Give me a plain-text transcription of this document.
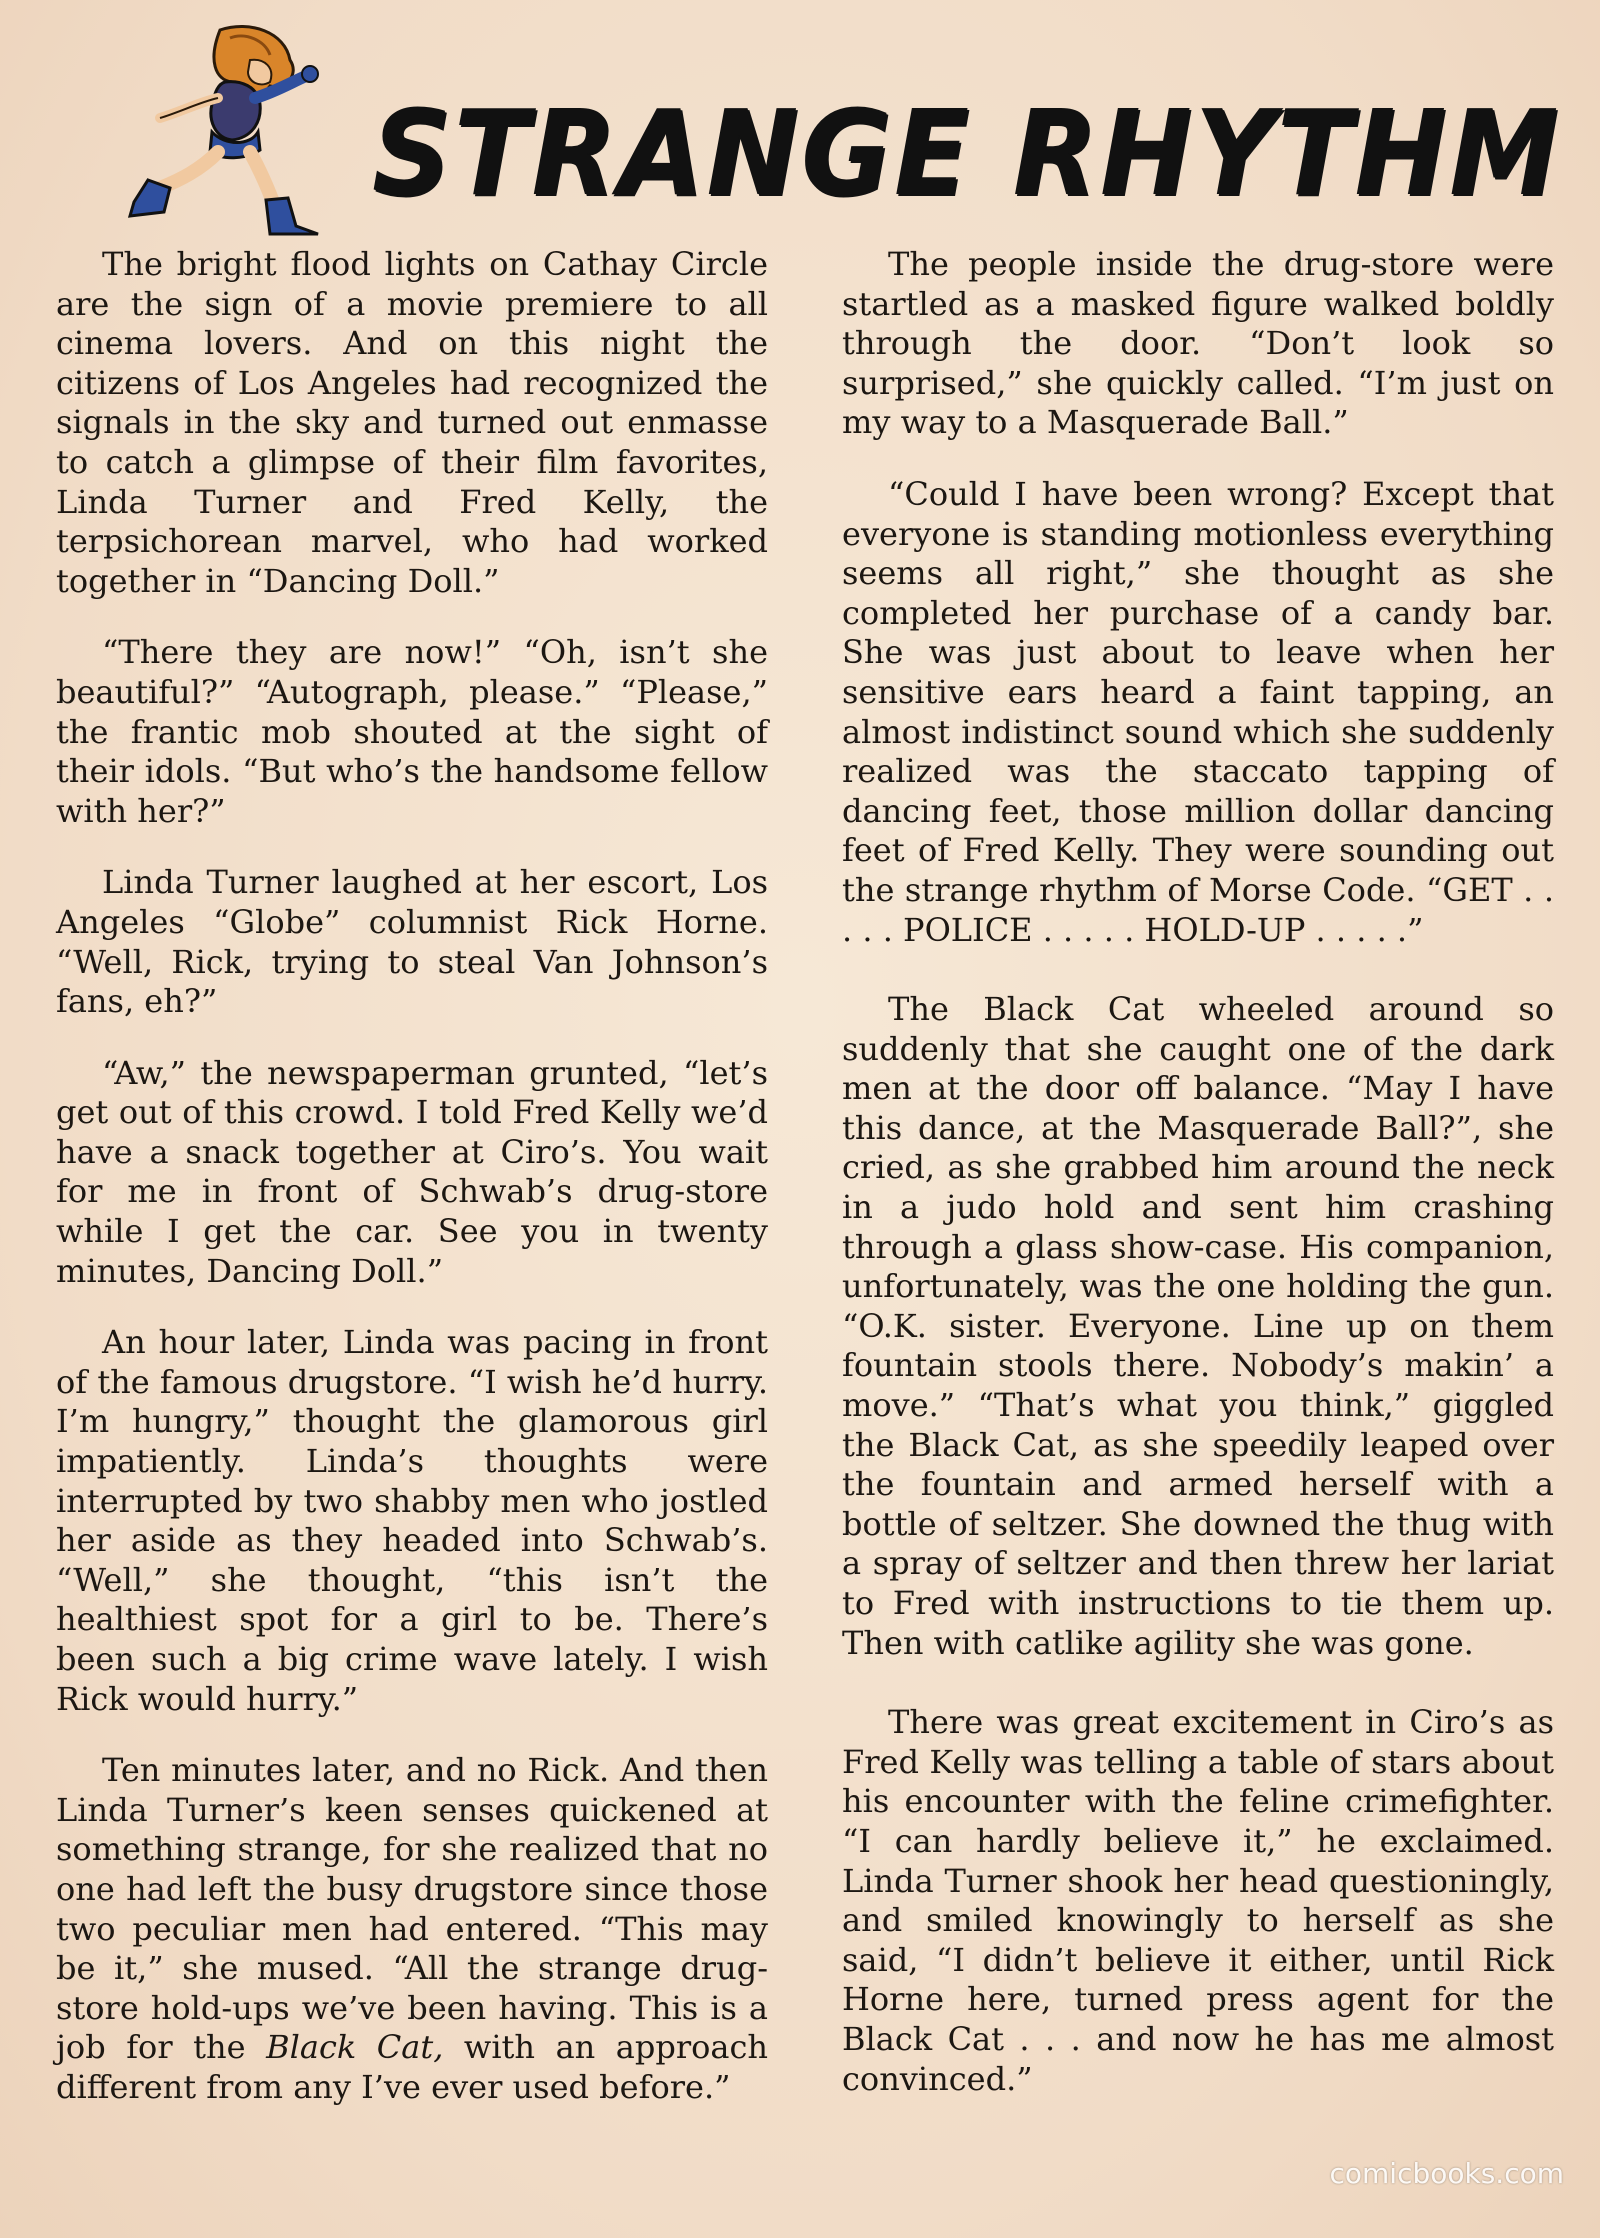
STRANGE RHYTHM

The bright flood lights on Cathay Circle are the sign of a movie premiere to all cinema lovers. And on this night the citizens of Los Angeles had recognized the signals in the sky and turned out enmasse to catch a glimpse of their film favorites, Linda Turner and Fred Kelly, the terpsichorean marvel, who had worked together in “Dancing Doll.”

“There they are now!” “Oh, isn’t she beautiful?” “Autograph, please.” “Please,” the frantic mob shouted at the sight of their idols. “But who’s the handsome fellow with her?”

Linda Turner laughed at her escort, Los Angeles “Globe” columnist Rick Horne. “Well, Rick, trying to steal Van Johnson’s fans, eh?”

“Aw,” the newspaperman grunted, “let’s get out of this crowd. I told Fred Kelly we’d have a snack together at Ciro’s. You wait for me in front of Schwab’s drug-store while I get the car. See you in twenty minutes, Dancing Doll.”

An hour later, Linda was pacing in front of the famous drugstore. “I wish he’d hurry. I’m hungry,” thought the glamorous girl impatiently. Linda’s thoughts were interrupted by two shabby men who jostled her aside as they headed into Schwab’s. “Well,” she thought, “this isn’t the healthiest spot for a girl to be. There’s been such a big crime wave lately. I wish Rick would hurry.”

Ten minutes later, and no Rick. And then Linda Turner’s keen senses quickened at something strange, for she realized that no one had left the busy drugstore since those two peculiar men had entered. “This may be it,” she mused. “All the strange drug-store hold-ups we’ve been having. This is a job for the Black Cat, with an approach different from any I’ve ever used before.”

The people inside the drug-store were startled as a masked figure walked boldly through the door. “Don’t look so surprised,” she quickly called. “I’m just on my way to a Masquerade Ball.”

“Could I have been wrong? Except that everyone is standing motionless everything seems all right,” she thought as she completed her purchase of a candy bar. She was just about to leave when her sensitive ears heard a faint tapping, an almost indistinct sound which she suddenly realized was the staccato tapping of dancing feet, those million dollar dancing feet of Fred Kelly. They were sounding out the strange rhythm of Morse Code. “GET . . . . . POLICE . . . . . HOLD-UP . . . . .”

The Black Cat wheeled around so suddenly that she caught one of the dark men at the door off balance. “May I have this dance, at the Masquerade Ball?”, she cried, as she grabbed him around the neck in a judo hold and sent him crashing through a glass show-case. His companion, unfortunately, was the one holding the gun. “O.K. sister. Everyone. Line up on them fountain stools there. Nobody’s makin’ a move.” “That’s what you think,” giggled the Black Cat, as she speedily leaped over the fountain and armed herself with a bottle of seltzer. She downed the thug with a spray of seltzer and then threw her lariat to Fred with instructions to tie them up. Then with catlike agility she was gone.

There was great excitement in Ciro’s as Fred Kelly was telling a table of stars about his encounter with the feline crimefighter. “I can hardly believe it,” he exclaimed. Linda Turner shook her head questioningly, and smiled knowingly to herself as she said, “I didn’t believe it either, until Rick Horne here, turned press agent for the Black Cat . . . and now he has me almost convinced.”

comicbooks.com
